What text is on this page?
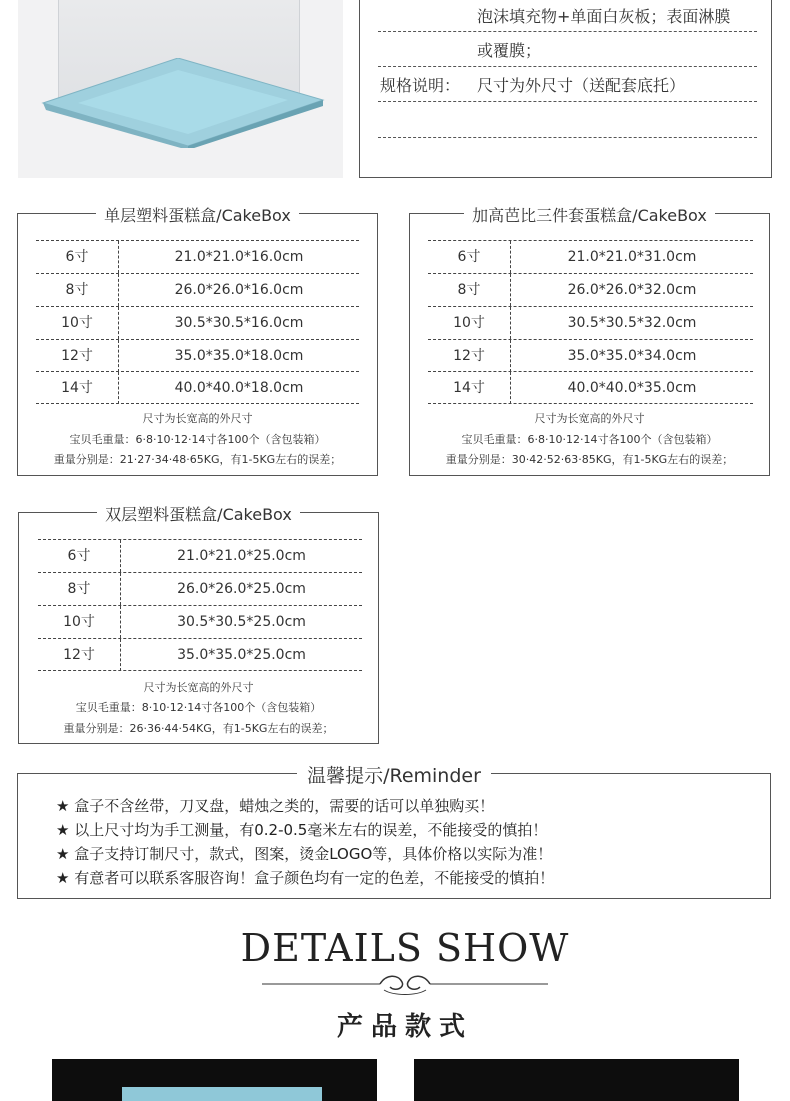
泡沫填充物+单面白灰板；表面淋膜
或覆膜；
规格说明： 尺寸为外尺寸（送配套底托）
单层塑料蛋糕盒/CakeBox
6寸	21.0*21.0*16.0cm
8寸	26.0*26.0*16.0cm
10寸	30.5*30.5*16.0cm
12寸	35.0*35.0*18.0cm
14寸	40.0*40.0*18.0cm
尺寸为长宽高的外尺寸
宝贝毛重量：6·8·10·12·14寸各100个（含包装箱）
重量分别是：21·27·34·48·65KG，有1-5KG左右的误差；
加高芭比三件套蛋糕盒/CakeBox
6寸	21.0*21.0*31.0cm
8寸	26.0*26.0*32.0cm
10寸	30.5*30.5*32.0cm
12寸	35.0*35.0*34.0cm
14寸	40.0*40.0*35.0cm
尺寸为长宽高的外尺寸
宝贝毛重量：6·8·10·12·14寸各100个（含包装箱）
重量分别是：30·42·52·63·85KG，有1-5KG左右的误差；
双层塑料蛋糕盒/CakeBox
6寸	21.0*21.0*25.0cm
8寸	26.0*26.0*25.0cm
10寸	30.5*30.5*25.0cm
12寸	35.0*35.0*25.0cm
尺寸为长宽高的外尺寸
宝贝毛重量：8·10·12·14寸各100个（含包装箱）
重量分别是：26·36·44·54KG，有1-5KG左右的误差；
温馨提示/Reminder
★ 盒子不含丝带，刀叉盘，蜡烛之类的，需要的话可以单独购买！
★ 以上尺寸均为手工测量，有0.2-0.5毫米左右的误差，不能接受的慎拍！
★ 盒子支持订制尺寸，款式，图案，烫金LOGO等，具体价格以实际为准！
★ 有意者可以联系客服咨询！盒子颜色均有一定的色差，不能接受的慎拍！
DETAILS SHOW
产品款式
